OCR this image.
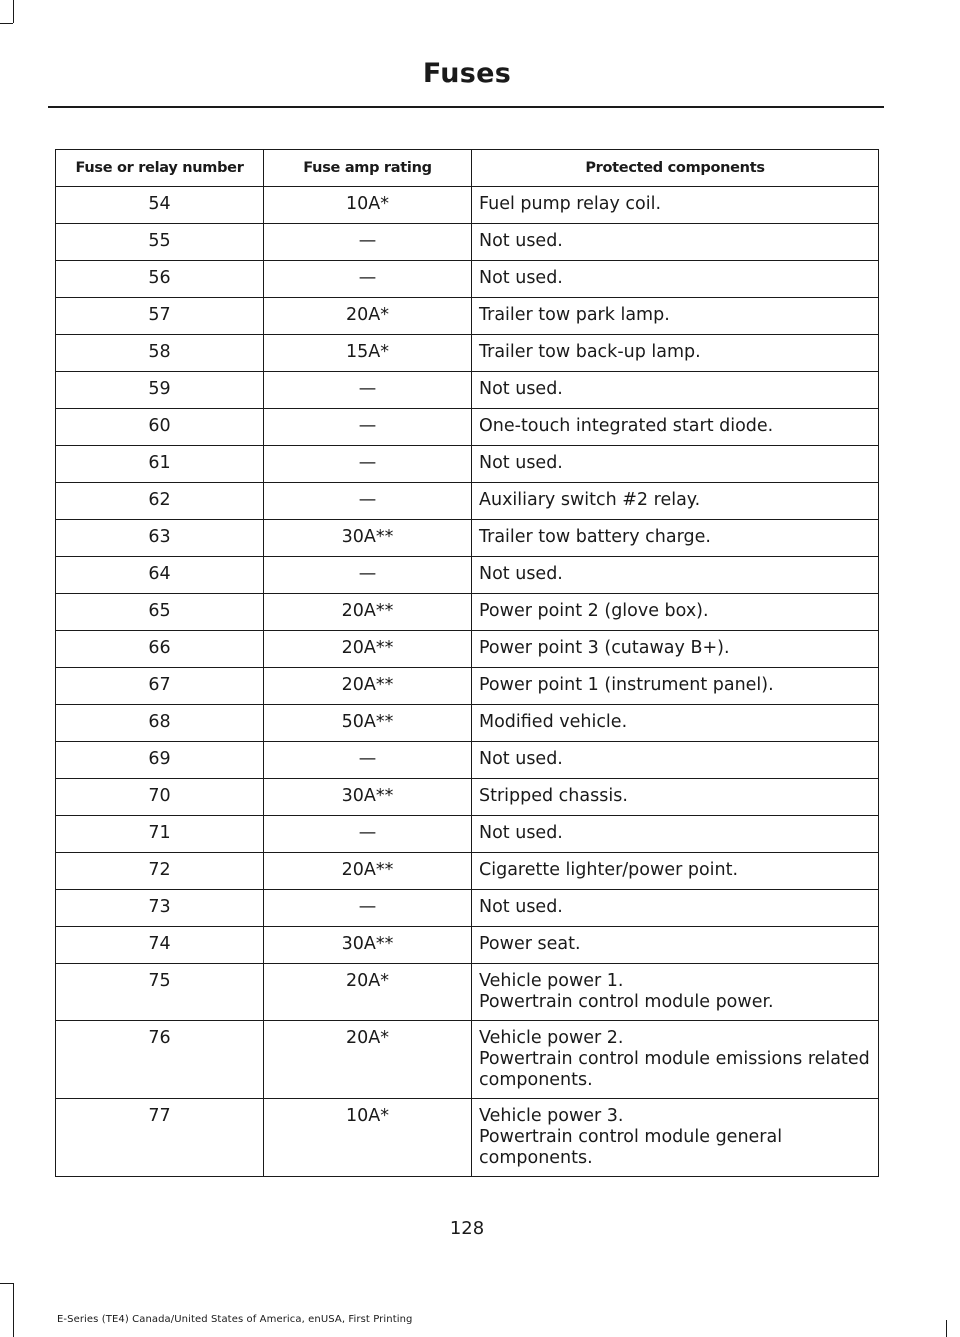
Fuses
Fuse or relay number	Fuse amp rating	Protected components
54	10A*	Fuel pump relay coil.

55	—	Not used.

56	—	Not used.

57	20A*	Trailer tow park lamp.

58	15A*	Trailer tow back-up lamp.

59	—	Not used.

60	—	One-touch integrated start diode.

61	—	Not used.

62	—	Auxiliary switch #2 relay.

63	30A**	Trailer tow battery charge.

64	—	Not used.

65	20A**	Power point 2 (glove box).

66	20A**	Power point 3 (cutaway B+).

67	20A**	Power point 1 (instrument panel).

68	50A**	Modified vehicle.

69	—	Not used.

70	30A**	Stripped chassis.

71	—	Not used.

72	20A**	Cigarette lighter/power point.

73	—	Not used.

74	30A**	Power seat.

75	20A*	Vehicle power 1.
Powertrain control module power.

76	20A*	Vehicle power 2.
Powertrain control module emissions related components.

77	10A*	Vehicle power 3.
Powertrain control module general components.
128
E-Series (TE4) Canada/United States of America, enUSA, First Printing
